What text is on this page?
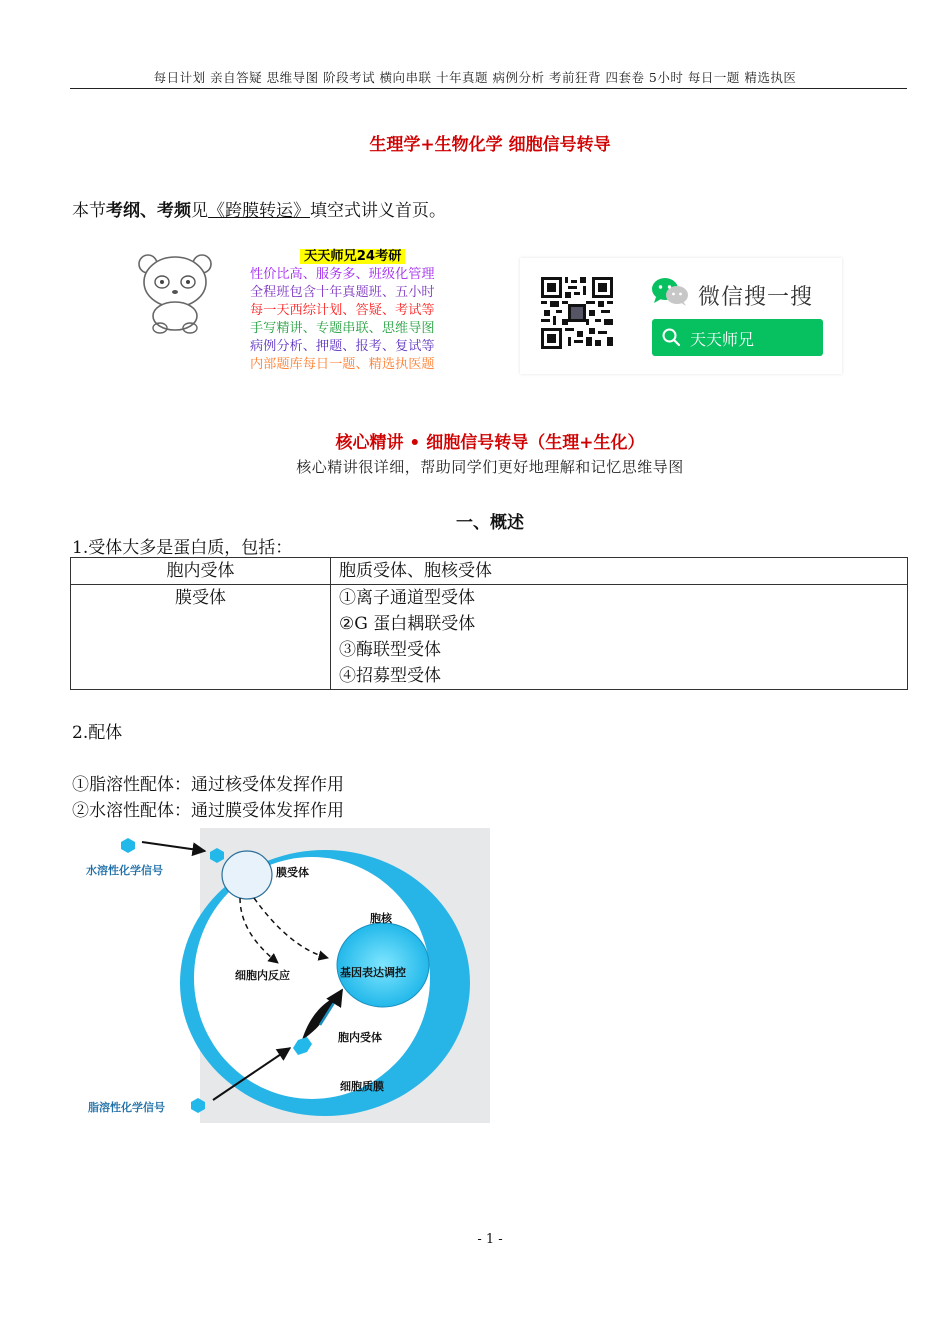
每日计划 亲自答疑 思维导图 阶段考试 横向串联 十年真题 病例分析 考前狂背 四套卷 5小时 每日一题 精选执医
生理学+生物化学 细胞信号转导
本节考纲、考频见《跨膜转运》填空式讲义首页。
天天师兄24考研
性价比高、服务多、班级化管理
全程班包含十年真题班、五小时
每一天西综计划、答疑、考试等
手写精讲、专题串联、思维导图
病例分析、押题、报考、复试等
内部题库每日一题、精选执医题
微信搜一搜
天天师兄
核心精讲 • 细胞信号转导（生理+生化）
核心精讲很详细，帮助同学们更好地理解和记忆思维导图
一、概述
1.受体大多是蛋白质，包括：
胞内受体	胞质受体、胞核受体
膜受体	①离子通道型受体
②G 蛋白耦联受体
③酶联型受体
④招募型受体
2.配体
①脂溶性配体：通过核受体发挥作用
②水溶性配体：通过膜受体发挥作用
水溶性化学信号	膜受体
胞核
细胞内反应	基因表达调控
胞内受体
细胞质膜
脂溶性化学信号
- 1 -
